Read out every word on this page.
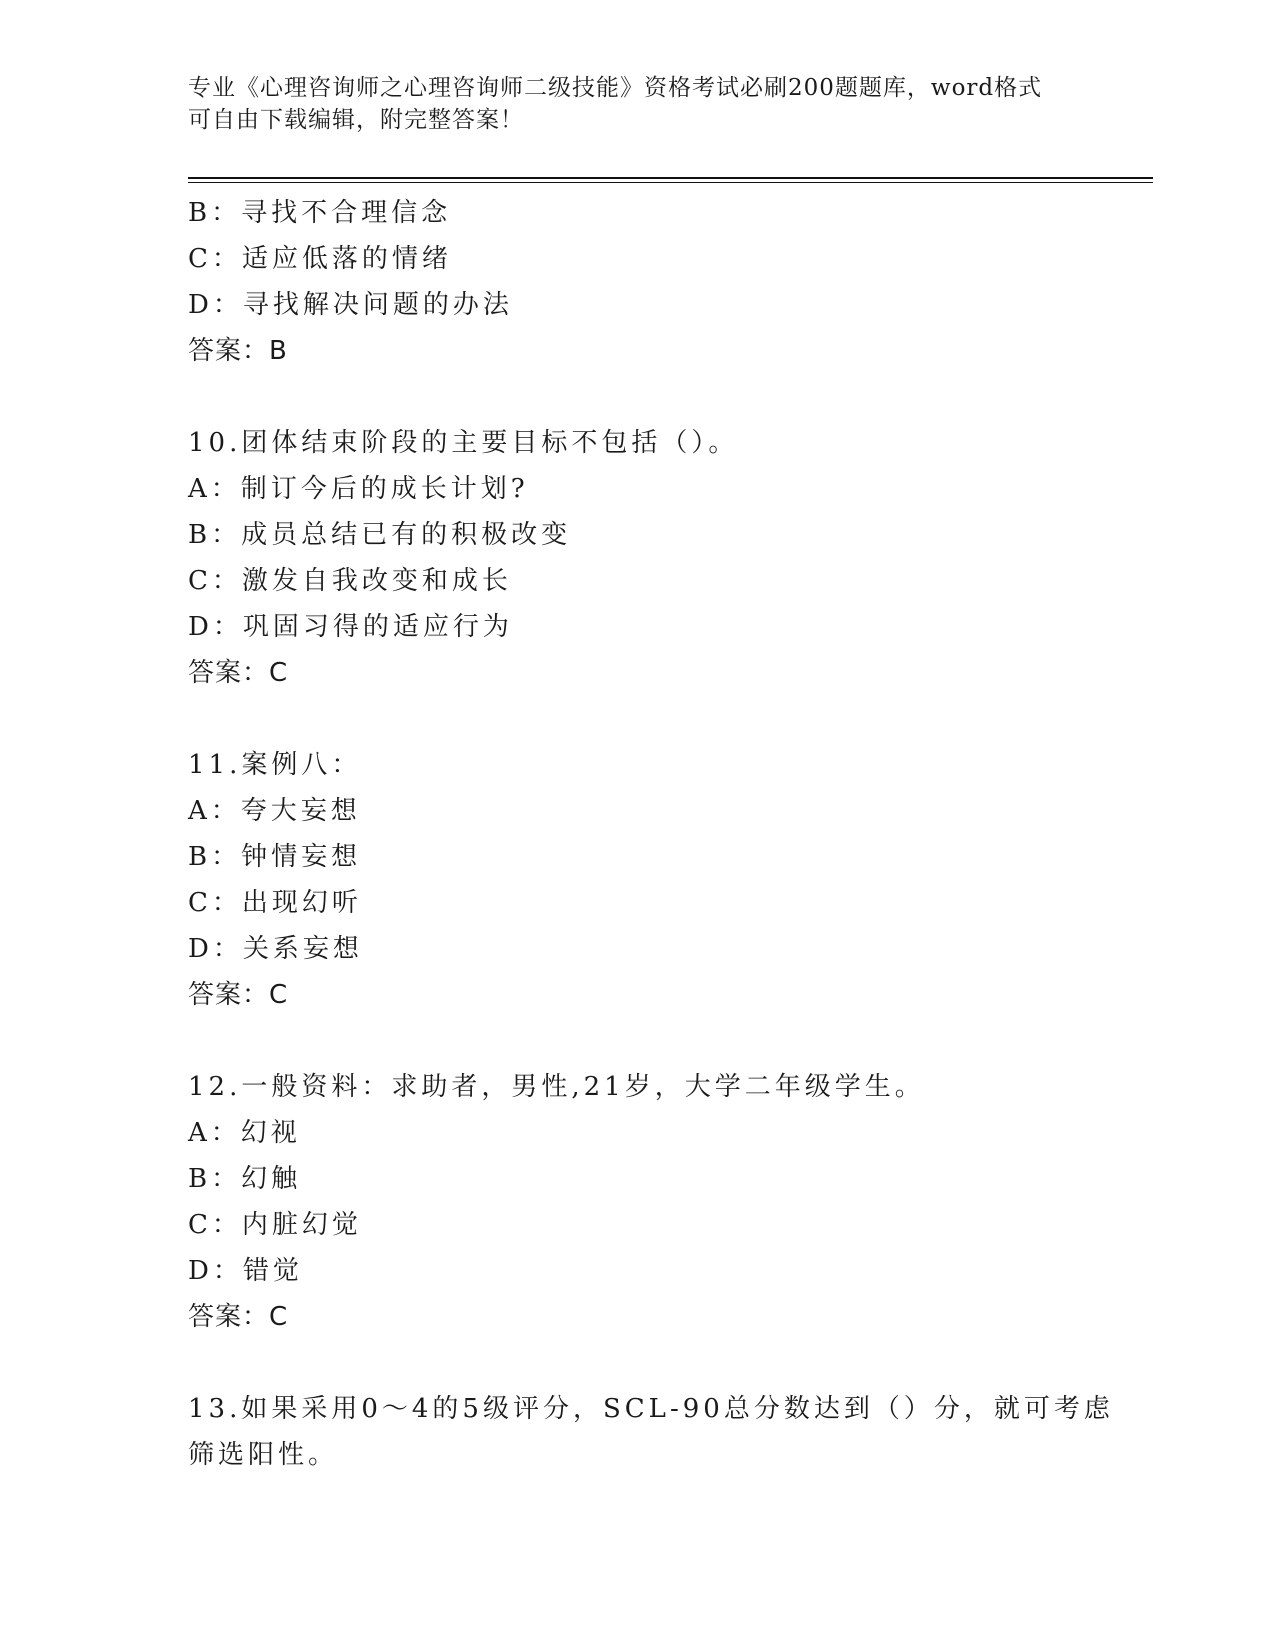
专业《心理咨询师之心理咨询师二级技能》资格考试必刷200题题库，word格式
可自由下载编辑，附完整答案！
B：寻找不合理信念
C：适应低落的情绪
D：寻找解决问题的办法
答案：B
10.团体结束阶段的主要目标不包括（）。
A：制订今后的成长计划?
B：成员总结已有的积极改变
C：激发自我改变和成长
D：巩固习得的适应行为
答案：C
11.案例八：
A：夸大妄想
B：钟情妄想
C：出现幻听
D：关系妄想
答案：C
12.一般资料：求助者，男性,21岁，大学二年级学生。
A：幻视
B：幻触
C：内脏幻觉
D：错觉
答案：C
13.如果采用0～4的5级评分，SCL-90总分数达到（）分，就可考虑
筛选阳性。
